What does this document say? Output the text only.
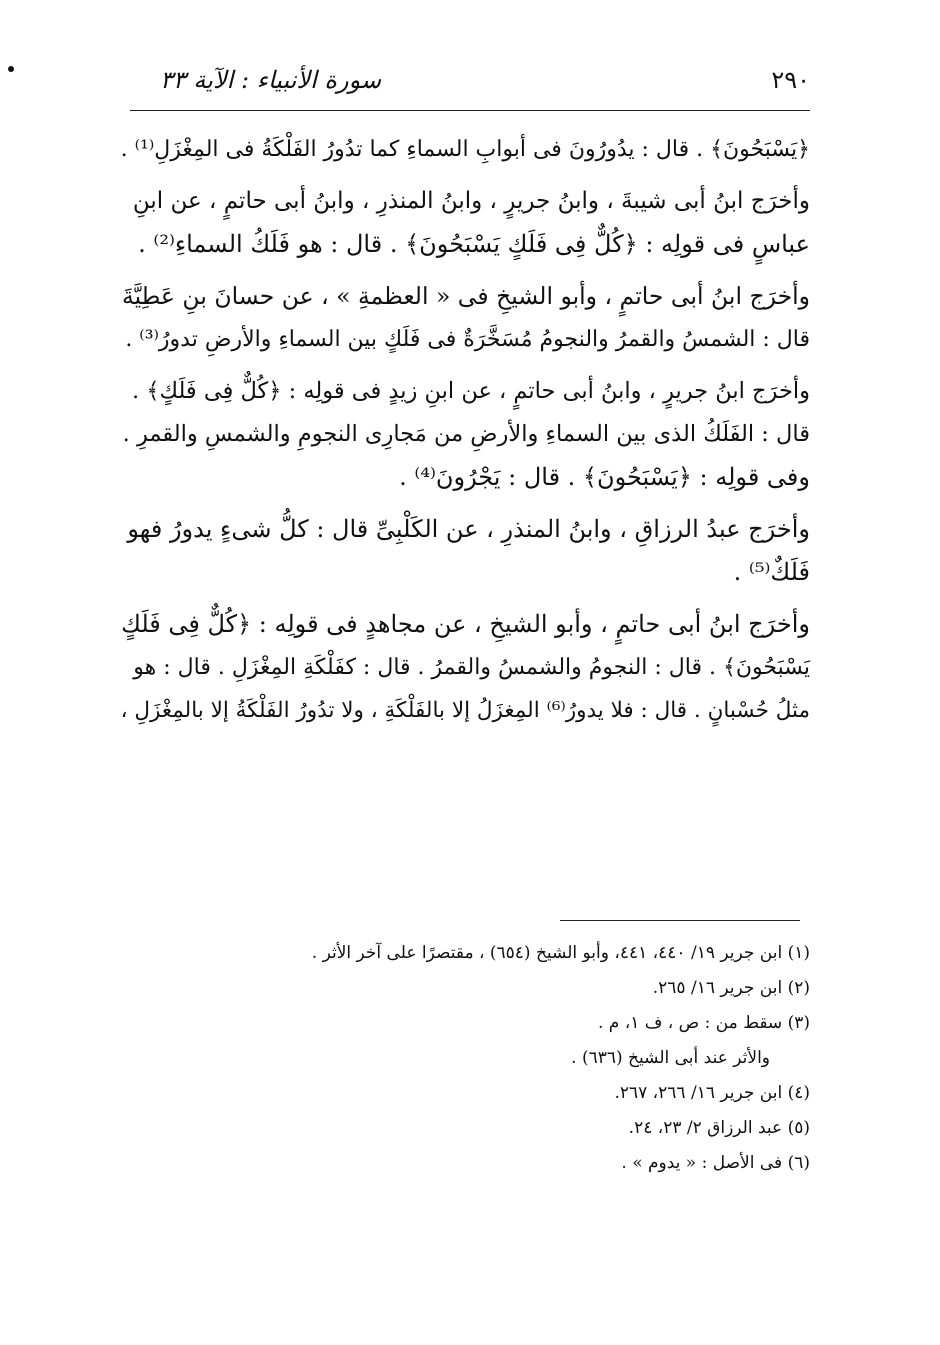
٢٩٠
سورة الأنبياء : الآية ٣٣

﴿يَسْبَحُونَ﴾ . قال : يدُورُونَ فى أبوابِ السماءِ كما تدُورُ الفَلْكَةُ فى المِغْزَلِ⁽¹⁾ .

وأخرَج ابنُ أبى شيبةَ ، وابنُ جريرٍ ، وابنُ المنذرِ ، وابنُ أبى حاتمٍ ، عن ابنِ
عباسٍ فى قولِه : ﴿كُلٌّ فِى فَلَكٍ يَسْبَحُونَ﴾ . قال : هو فَلَكُ السماءِ⁽²⁾ .

وأخرَج ابنُ أبى حاتمٍ ، وأبو الشيخِ فى « العظمةِ » ، عن حسانَ بنِ عَطِيَّةَ
قال : الشمسُ والقمرُ والنجومُ مُسَخَّرَةٌ فى فَلَكٍ بين السماءِ والأرضِ تدورُ⁽³⁾ .

وأخرَج ابنُ جريرٍ ، وابنُ أبى حاتمٍ ، عن ابنِ زيدٍ فى قولِه : ﴿كُلٌّ فِى فَلَكٍ﴾ .
قال : الفَلَكُ الذى بين السماءِ والأرضِ من مَجارِى النجومِ والشمسِ والقمرِ .
وفى قولِه : ﴿يَسْبَحُونَ﴾ . قال : يَجْرُونَ⁽⁴⁾ .

وأخرَج عبدُ الرزاقِ ، وابنُ المنذرِ ، عن الكَلْبِىِّ قال : كلُّ شىءٍ يدورُ فهو
فَلَكٌ⁽⁵⁾ .

وأخرَج ابنُ أبى حاتمٍ ، وأبو الشيخِ ، عن مجاهدٍ فى قولِه : ﴿كُلٌّ فِى فَلَكٍ
يَسْبَحُونَ﴾ . قال : النجومُ والشمسُ والقمرُ . قال : كفَلْكَةِ المِغْزَلِ . قال : هو
مثلُ حُسْبانٍ . قال : فلا يدورُ⁽⁶⁾ المِغزَلُ إلا بالفَلْكَةِ ، ولا تدُورُ الفَلْكَةُ إلا بالمِغْزَلِ ،

(١) ابن جرير ١٩/ ٤٤٠، ٤٤١، وأبو الشيخ (٦٥٤) ، مقتصرًا على آخر الأثر .
(٢) ابن جرير ١٦/ ٢٦٥.
(٣) سقط من : ص ، ف ١، م .
والأثر عند أبى الشيخ (٦٣٦) .
(٤) ابن جرير ١٦/ ٢٦٦، ٢٦٧.
(٥) عبد الرزاق ٢/ ٢٣، ٢٤.
(٦) فى الأصل : « يدوم » .
